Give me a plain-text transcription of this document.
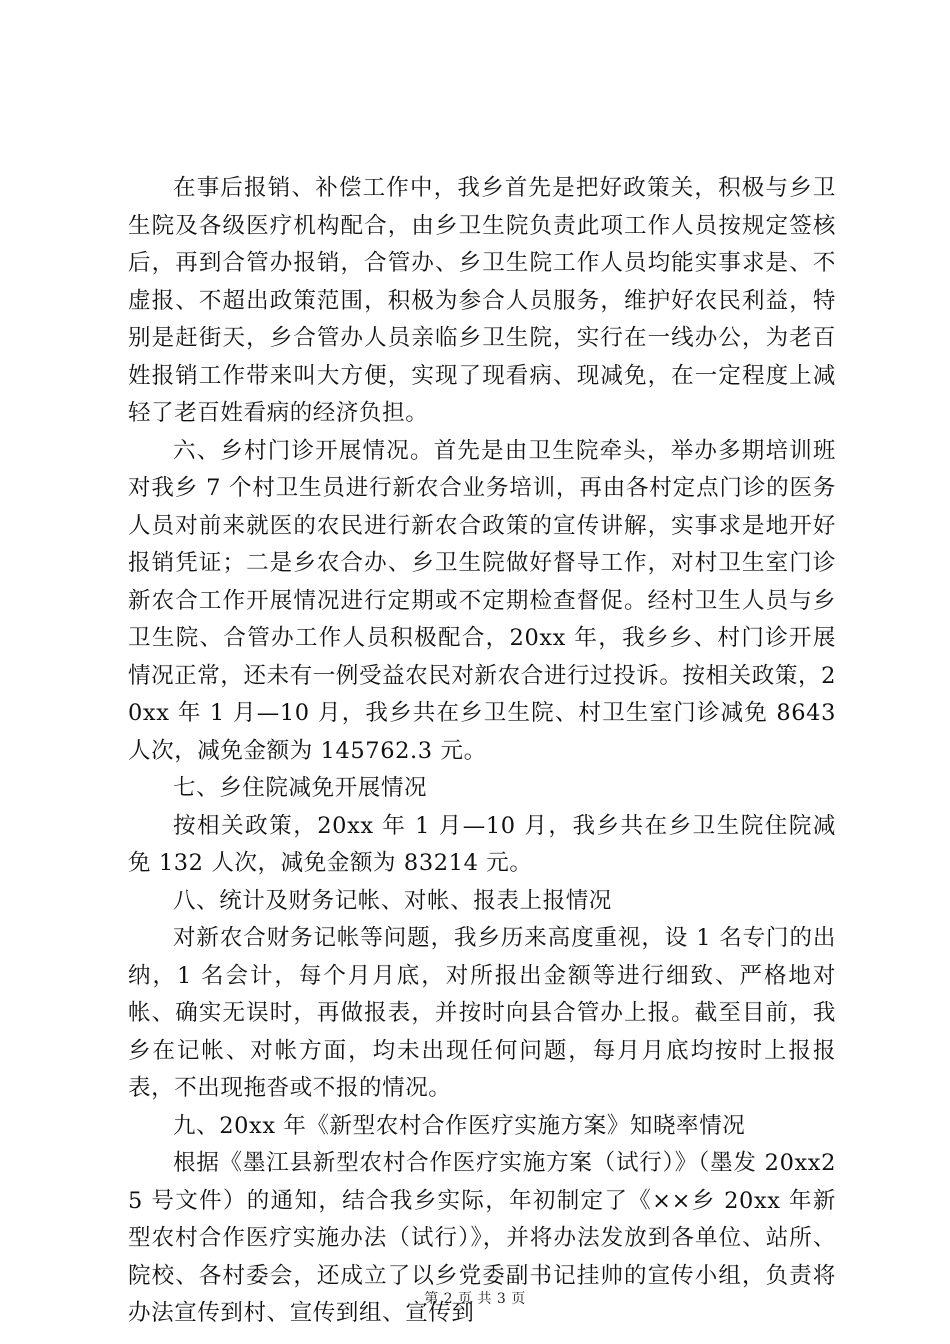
在事后报销、补偿工作中，我乡首先是把好政策关，积极与乡卫生院及各级医疗机构配合，由乡卫生院负责此项工作人员按规定签核后，再到合管办报销，合管办、乡卫生院工作人员均能实事求是、不虚报、不超出政策范围，积极为参合人员服务，维护好农民利益，特别是赶街天，乡合管办人员亲临乡卫生院，实行在一线办公，为老百姓报销工作带来叫大方便，实现了现看病、现减免，在一定程度上减轻了老百姓看病的经济负担。

六、乡村门诊开展情况。首先是由卫生院牵头，举办多期培训班对我乡 7 个村卫生员进行新农合业务培训，再由各村定点门诊的医务人员对前来就医的农民进行新农合政策的宣传讲解，实事求是地开好报销凭证；二是乡农合办、乡卫生院做好督导工作，对村卫生室门诊新农合工作开展情况进行定期或不定期检查督促。经村卫生人员与乡卫生院、合管办工作人员积极配合，20xx 年，我乡乡、村门诊开展情况正常，还未有一例受益农民对新农合进行过投诉。按相关政策，20xx 年 1 月—10 月，我乡共在乡卫生院、村卫生室门诊减免 8643 人次，减免金额为 145762.3 元。

七、乡住院减免开展情况

按相关政策，20xx 年 1 月—10 月，我乡共在乡卫生院住院减免 132 人次，减免金额为 83214 元。

八、统计及财务记帐、对帐、报表上报情况

对新农合财务记帐等问题，我乡历来高度重视，设 1 名专门的出纳，1 名会计，每个月月底，对所报出金额等进行细致、严格地对帐、确实无误时，再做报表，并按时向县合管办上报。截至目前，我乡在记帐、对帐方面，均未出现任何问题，每月月底均按时上报报表，不出现拖沓或不报的情况。

九、20xx 年《新型农村合作医疗实施方案》知晓率情况

根据《墨江县新型农村合作医疗实施方案（试行）》（墨发 20xx25 号文件）的通知，结合我乡实际，年初制定了《××乡 20xx 年新型农村合作医疗实施办法（试行）》，并将办法发放到各单位、站所、院校、各村委会，还成立了以乡党委副书记挂帅的宣传小组，负责将办法宣传到村、宣传到组、宣传到

第 2 页 共 3 页
